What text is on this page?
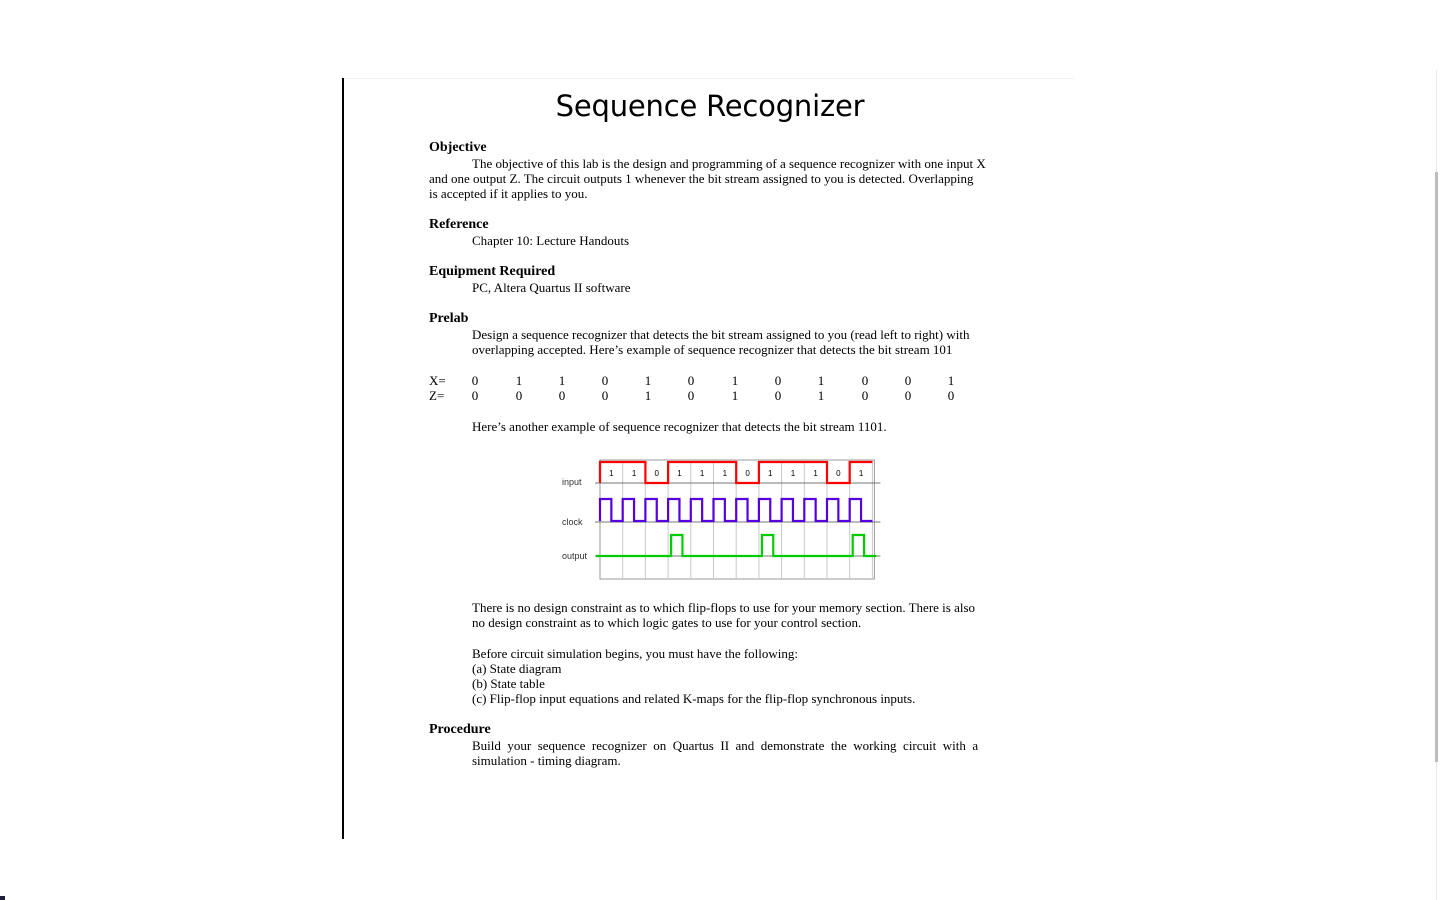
Sequence Recognizer
Objective
The objective of this lab is the design and programming of a sequence recognizer with one input X
and one output Z. The circuit outputs 1 whenever the bit stream assigned to you is detected. Overlapping
is accepted if it applies to you.
Reference
Chapter 10: Lecture Handouts
Equipment Required
PC, Altera Quartus II software
Prelab
Design a sequence recognizer that detects the bit stream assigned to you (read left to right) with
overlapping accepted. Here’s example of sequence recognizer that detects the bit stream 101
X= 0	1	1	0	1	0	1	0	1	0	0	1
Z= 0	0	0	0	1	0	1	0	1	0	0	0
Here’s another example of sequence recognizer that detects the bit stream 1101.
input
clock
output
1 1 0 1 1 1 0 1 1 1 0 1
There is no design constraint as to which flip-flops to use for your memory section. There is also
no design constraint as to which logic gates to use for your control section.
Before circuit simulation begins, you must have the following:
(a) State diagram
(b) State table
(c) Flip-flop input equations and related K-maps for the flip-flop synchronous inputs.
Procedure
Build  your  sequence  recognizer  on  Quartus  II  and  demonstrate  the  working  circuit  with  a
simulation - timing diagram.
